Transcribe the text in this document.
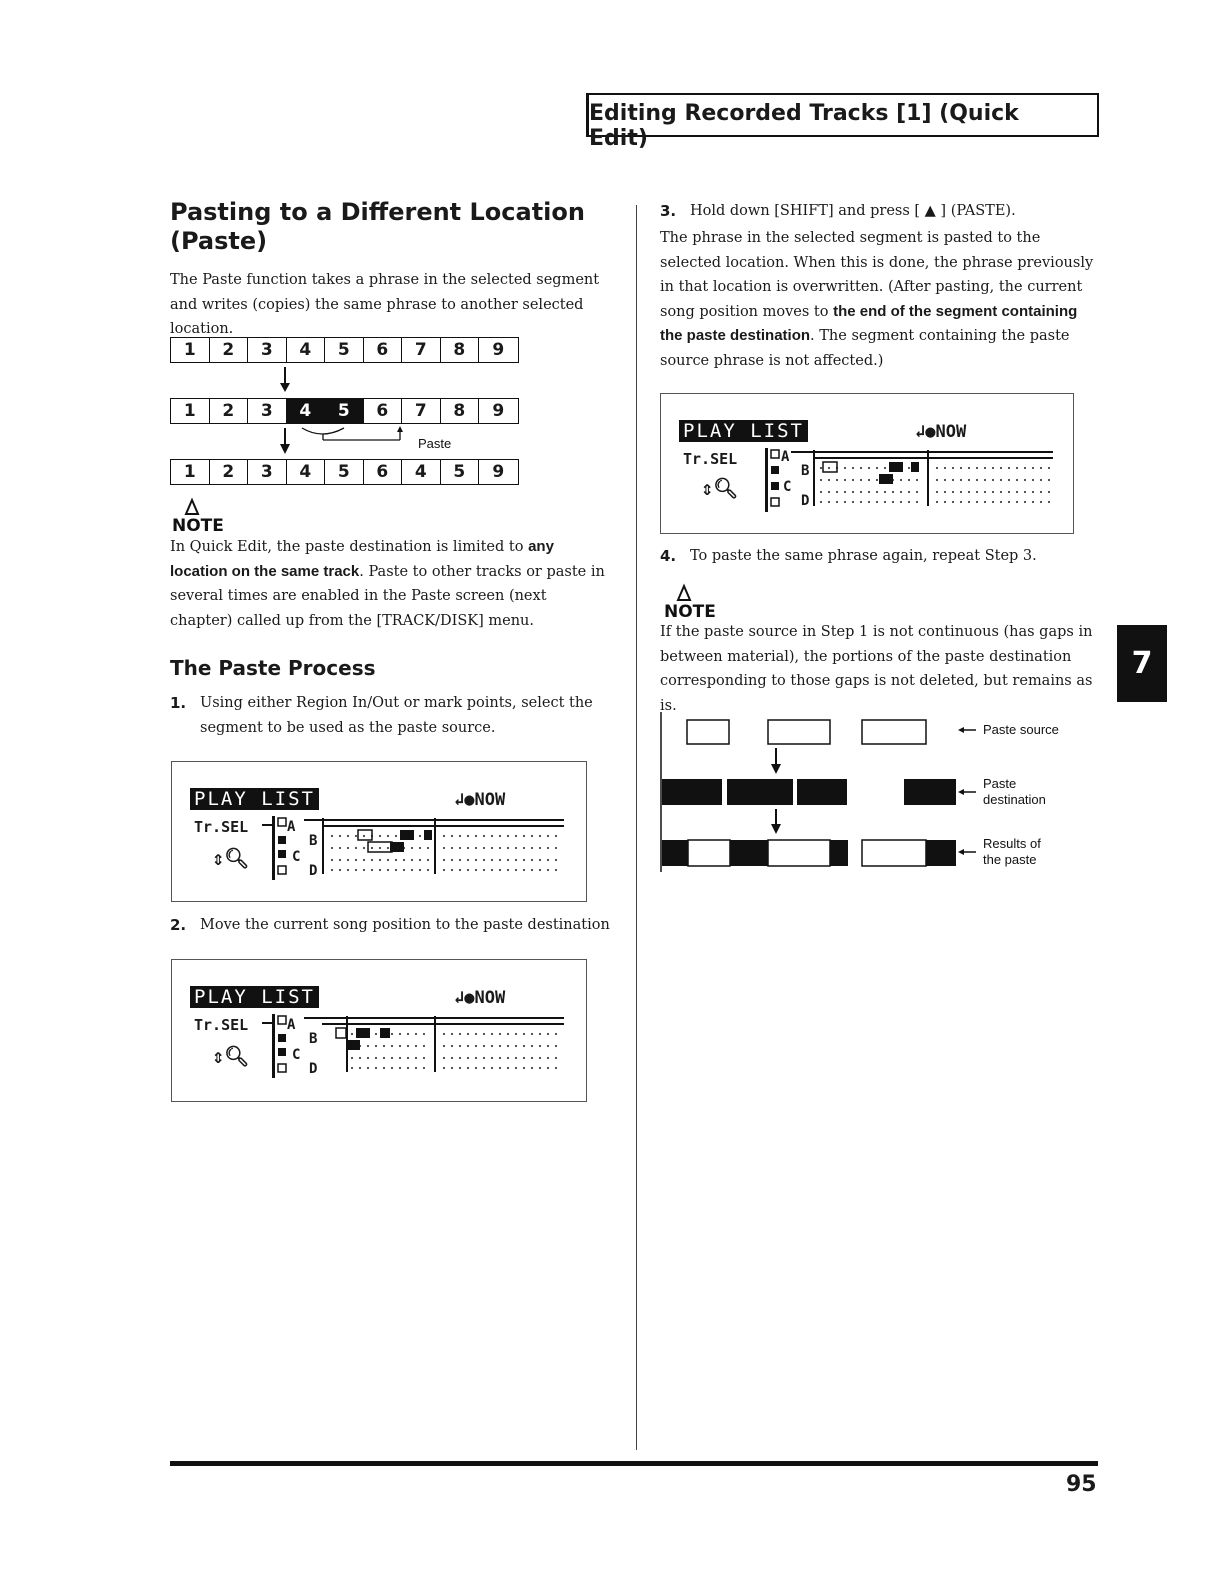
Editing Recorded Tracks [1] (Quick Edit)
Pasting to a Different Location (Paste)
The Paste function takes a phrase in the selected segment and writes (copies) the same phrase to another selected location.
1	2	3	4	5	6	7	8	9
1	2	3	4	5	6	7	8	9
Paste
1	2	3	4	5	6	4	5	9
NOTE
In Quick Edit, the paste destination is limited to any location on the same track. Paste to other tracks or paste in several times are enabled in the Paste screen (next chapter) called up from the [TRACK/DISK] menu.
The Paste Process
1. Using either Region In/Out or mark points, select the segment to be used as the paste source.
PLAY LIST	↲●NOW
Tr.SEL	A
B
C
D
⇕🔍︎
2. Move the current song position to the paste destination
PLAY LIST	↲●NOW
Tr.SEL	A
B
C
D
⇕🔍︎
3. Hold down [SHIFT] and press [ ▲ ] (PASTE).
The phrase in the selected segment is pasted to the selected location. When this is done, the phrase previously in that location is overwritten. (After pasting, the current song position moves to the end of the segment containing the paste destination. The segment containing the paste source phrase is not affected.)
PLAY LIST	↲●NOW
Tr.SEL	A
B
C
D
⇕🔍︎
4. To paste the same phrase again, repeat Step 3.
NOTE
If the paste source in Step 1 is not continuous (has gaps in between material), the portions of the paste destination corresponding to those gaps is not deleted, but remains as is.
7
Paste source
Paste
destination
Results of
the paste
95
